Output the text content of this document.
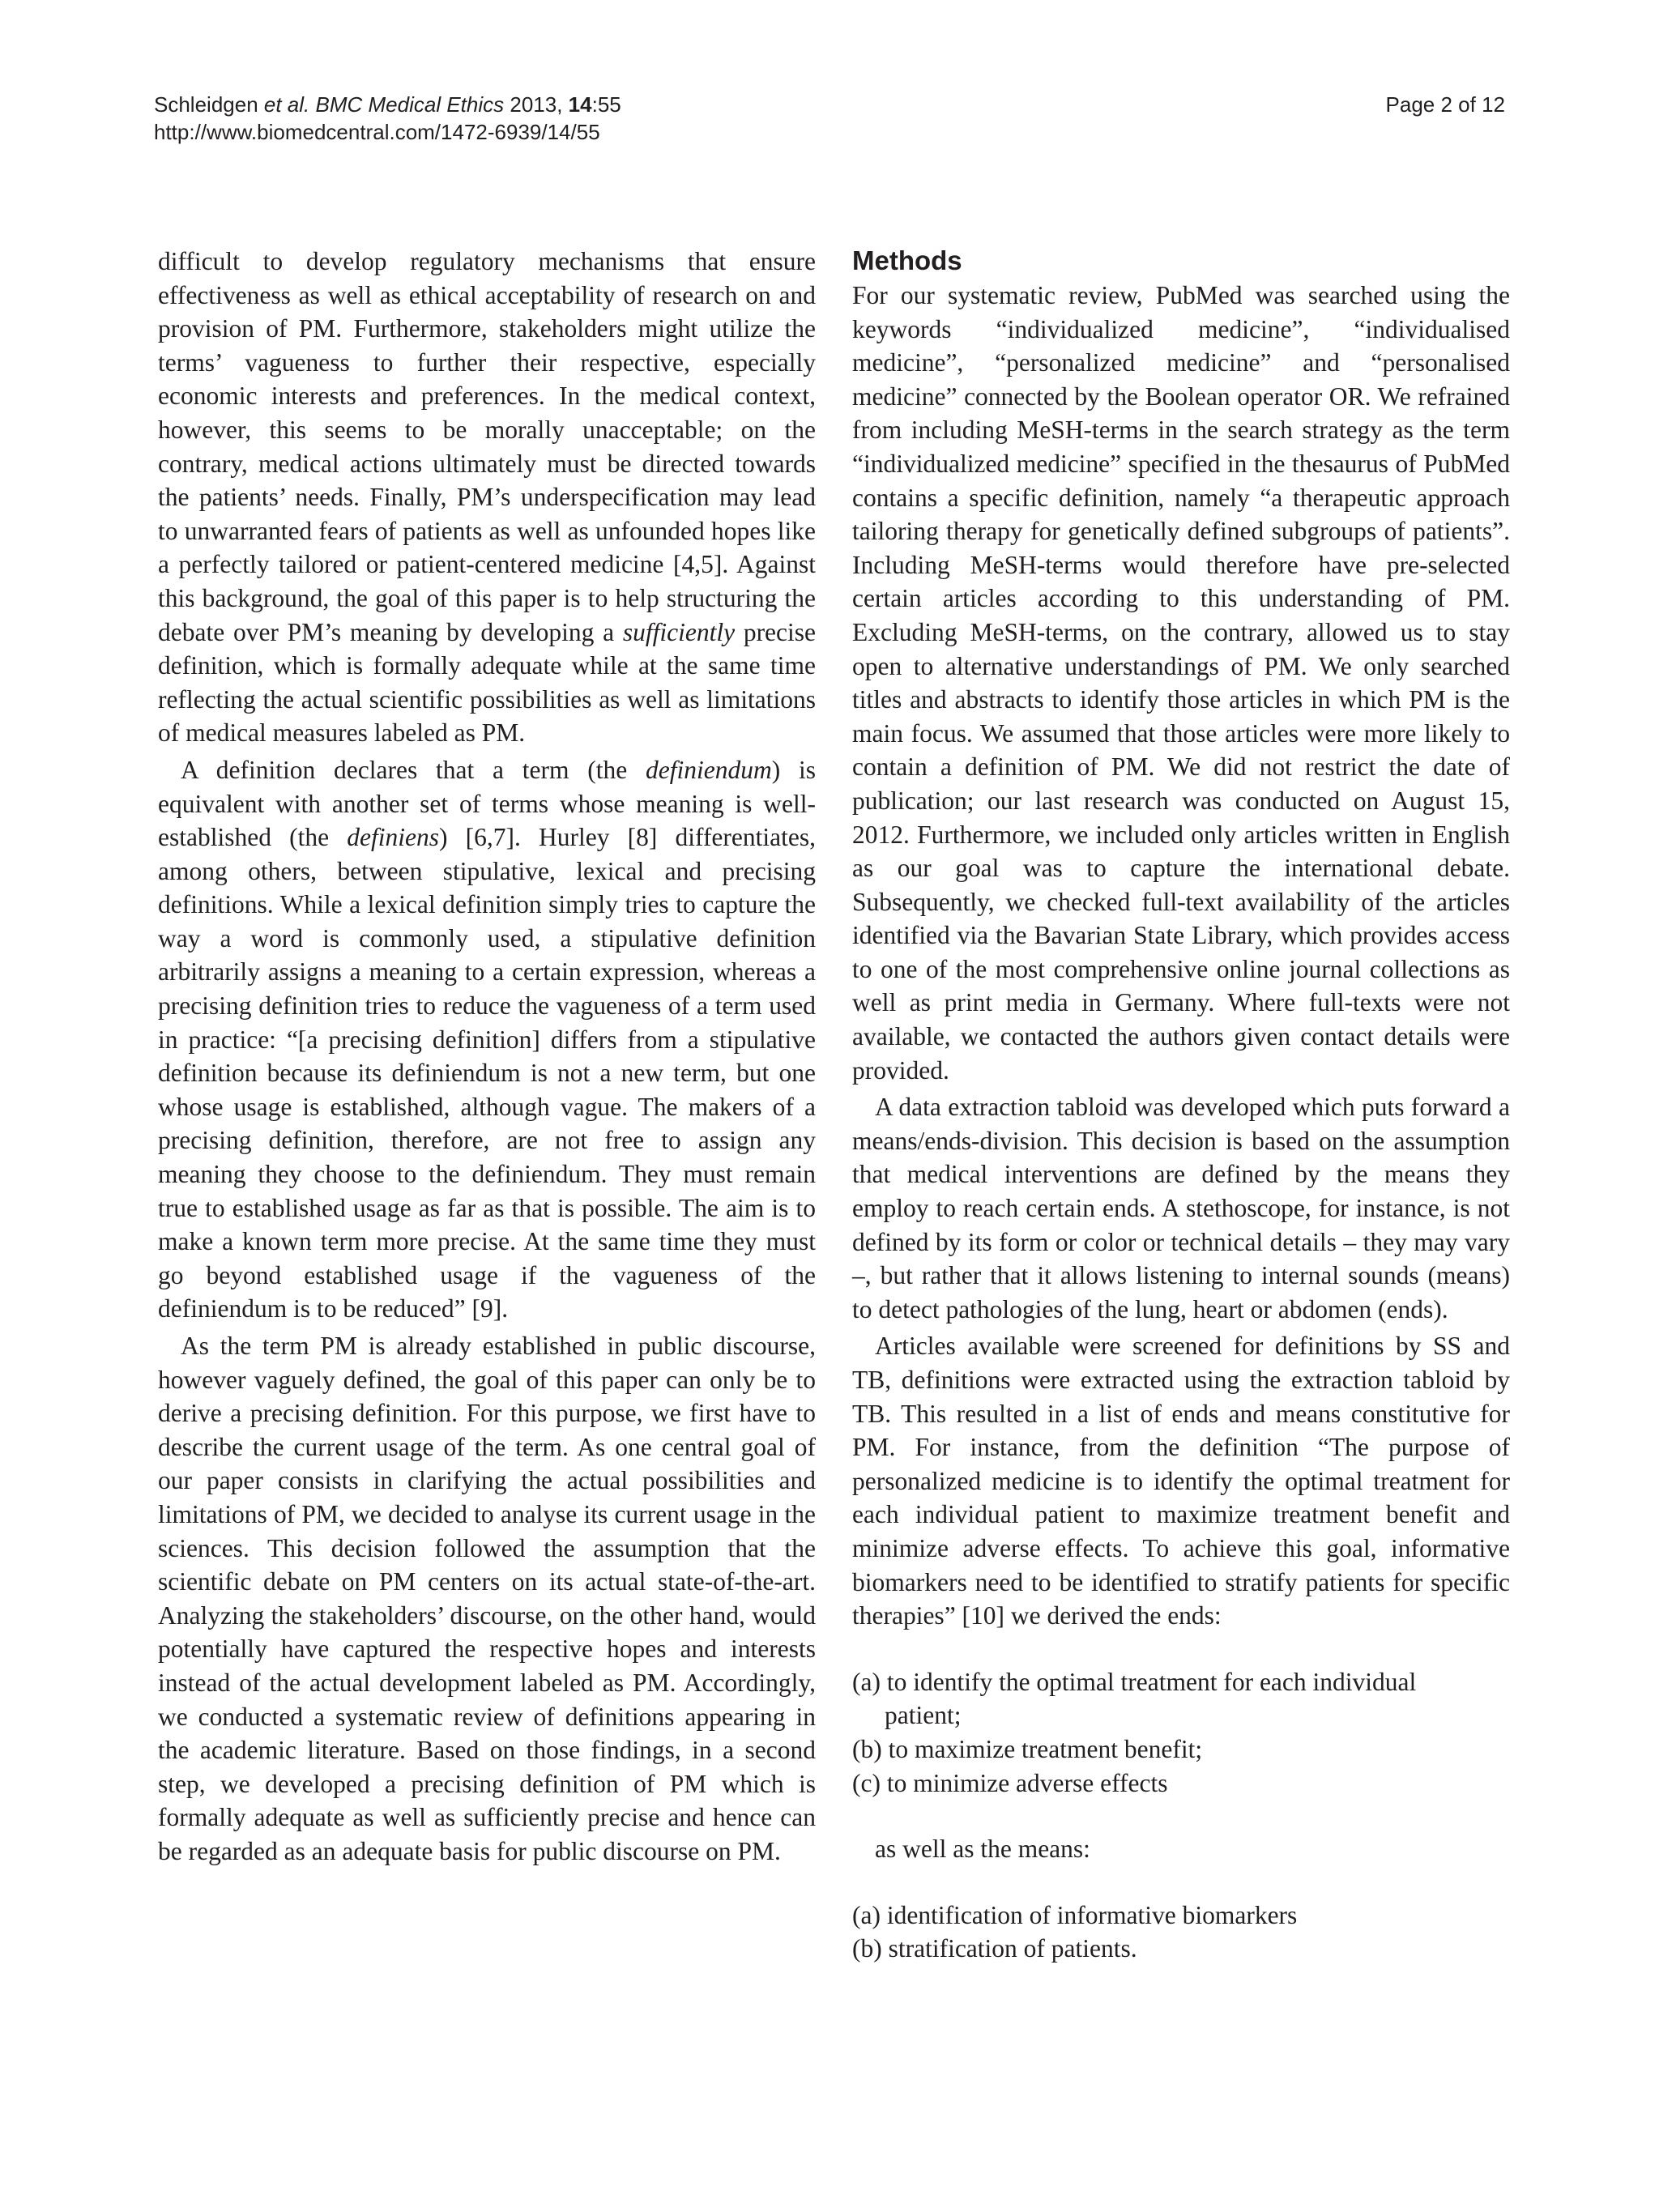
Schleidgen et al. BMC Medical Ethics 2013, 14:55
http://www.biomedcentral.com/1472-6939/14/55
Page 2 of 12

difficult to develop regulatory mechanisms that ensure effectiveness as well as ethical acceptability of research on and provision of PM. Furthermore, stakeholders might utilize the terms’ vagueness to further their respective, especially economic interests and preferences. In the medical context, however, this seems to be morally unacceptable; on the contrary, medical actions ultimately must be directed towards the patients’ needs. Finally, PM’s underspecification may lead to unwarranted fears of patients as well as unfounded hopes like a perfectly tailored or patient-centered medicine [4,5]. Against this background, the goal of this paper is to help structuring the debate over PM’s meaning by developing a sufficiently precise definition, which is formally adequate while at the same time reflecting the actual scientific possibilities as well as limitations of medical measures labeled as PM.

A definition declares that a term (the definiendum) is equivalent with another set of terms whose meaning is well-established (the definiens) [6,7]. Hurley [8] differentiates, among others, between stipulative, lexical and precising definitions. While a lexical definition simply tries to capture the way a word is commonly used, a stipulative definition arbitrarily assigns a meaning to a certain expression, whereas a precising definition tries to reduce the vagueness of a term used in practice: “[a precising definition] differs from a stipulative definition because its definiendum is not a new term, but one whose usage is established, although vague. The makers of a precising definition, therefore, are not free to assign any meaning they choose to the definiendum. They must remain true to established usage as far as that is possible. The aim is to make a known term more precise. At the same time they must go beyond established usage if the vagueness of the definiendum is to be reduced” [9].

As the term PM is already established in public discourse, however vaguely defined, the goal of this paper can only be to derive a precising definition. For this purpose, we first have to describe the current usage of the term. As one central goal of our paper consists in clarifying the actual possibilities and limitations of PM, we decided to analyse its current usage in the sciences. This decision followed the assumption that the scientific debate on PM centers on its actual state-of-the-art. Analyzing the stakeholders’ discourse, on the other hand, would potentially have captured the respective hopes and interests instead of the actual development labeled as PM. Accordingly, we conducted a systematic review of definitions appearing in the academic literature. Based on those findings, in a second step, we developed a precising definition of PM which is formally adequate as well as sufficiently precise and hence can be regarded as an adequate basis for public discourse on PM.

Methods

For our systematic review, PubMed was searched using the keywords “individualized medicine”, “individualised medicine”, “personalized medicine” and “personalised medicine” connected by the Boolean operator OR. We refrained from including MeSH-terms in the search strategy as the term “individualized medicine” specified in the thesaurus of PubMed contains a specific definition, namely “a therapeutic approach tailoring therapy for genetically defined subgroups of patients”. Including MeSH-terms would therefore have pre-selected certain articles according to this understanding of PM. Excluding MeSH-terms, on the contrary, allowed us to stay open to alternative understandings of PM. We only searched titles and abstracts to identify those articles in which PM is the main focus. We assumed that those articles were more likely to contain a definition of PM. We did not restrict the date of publication; our last research was conducted on August 15, 2012. Furthermore, we included only articles written in English as our goal was to capture the international debate. Subsequently, we checked full-text availability of the articles identified via the Bavarian State Library, which provides access to one of the most comprehensive online journal collections as well as print media in Germany. Where full-texts were not available, we contacted the authors given contact details were provided.

A data extraction tabloid was developed which puts forward a means/ends-division. This decision is based on the assumption that medical interventions are defined by the means they employ to reach certain ends. A stethoscope, for instance, is not defined by its form or color or technical details – they may vary –, but rather that it allows listening to internal sounds (means) to detect pathologies of the lung, heart or abdomen (ends).

Articles available were screened for definitions by SS and TB, definitions were extracted using the extraction tabloid by TB. This resulted in a list of ends and means constitutive for PM. For instance, from the definition “The purpose of personalized medicine is to identify the optimal treatment for each individual patient to maximize treatment benefit and minimize adverse effects. To achieve this goal, informative biomarkers need to be identified to stratify patients for specific therapies” [10] we derived the ends:

(a) to identify the optimal treatment for each individual
patient;
(b) to maximize treatment benefit;
(c) to minimize adverse effects

as well as the means:

(a) identification of informative biomarkers
(b) stratification of patients.
